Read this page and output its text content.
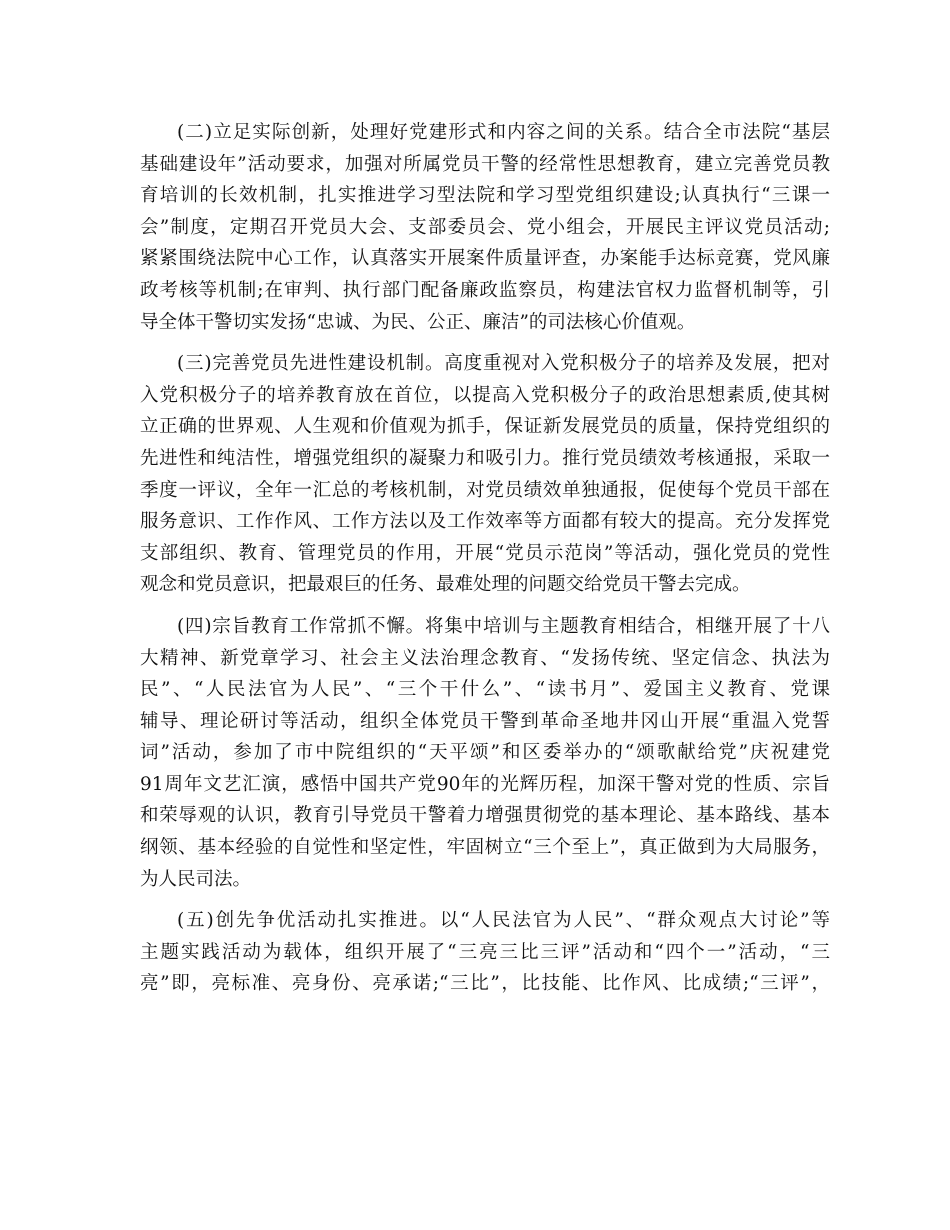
(二)立足实际创新，处理好党建形式和内容之间的关系。结合全市法院“基层
基础建设年”活动要求，加强对所属党员干警的经常性思想教育，建立完善党员教
育培训的长效机制，扎实推进学习型法院和学习型党组织建设;认真执行“三课一
会”制度，定期召开党员大会、支部委员会、党小组会，开展民主评议党员活动;
紧紧围绕法院中心工作，认真落实开展案件质量评查，办案能手达标竞赛，党风廉
政考核等机制;在审判、执行部门配备廉政监察员，构建法官权力监督机制等，引
导全体干警切实发扬“忠诚、为民、公正、廉洁”的司法核心价值观。

(三)完善党员先进性建设机制。高度重视对入党积极分子的培养及发展，把对
入党积极分子的培养教育放在首位，以提高入党积极分子的政治思想素质,使其树
立正确的世界观、人生观和价值观为抓手，保证新发展党员的质量，保持党组织的
先进性和纯洁性，增强党组织的凝聚力和吸引力。推行党员绩效考核通报，采取一
季度一评议，全年一汇总的考核机制，对党员绩效单独通报，促使每个党员干部在
服务意识、工作作风、工作方法以及工作效率等方面都有较大的提高。充分发挥党
支部组织、教育、管理党员的作用，开展“党员示范岗”等活动，强化党员的党性
观念和党员意识，把最艰巨的任务、最难处理的问题交给党员干警去完成。

(四)宗旨教育工作常抓不懈。将集中培训与主题教育相结合，相继开展了十八
大精神、新党章学习、社会主义法治理念教育、“发扬传统、坚定信念、执法为
民”、“人民法官为人民”、“三个干什么”、“读书月”、爱国主义教育、党课
辅导、理论研讨等活动，组织全体党员干警到革命圣地井冈山开展“重温入党誓
词”活动，参加了市中院组织的“天平颂”和区委举办的“颂歌献给党”庆祝建党
91周年文艺汇演，感悟中国共产党90年的光辉历程，加深干警对党的性质、宗旨
和荣辱观的认识，教育引导党员干警着力增强贯彻党的基本理论、基本路线、基本
纲领、基本经验的自觉性和坚定性，牢固树立“三个至上”，真正做到为大局服务，
为人民司法。

(五)创先争优活动扎实推进。以“人民法官为人民”、“群众观点大讨论”等
主题实践活动为载体，组织开展了“三亮三比三评”活动和“四个一”活动，“三
亮”即，亮标准、亮身份、亮承诺;“三比”，比技能、比作风、比成绩;“三评”，
